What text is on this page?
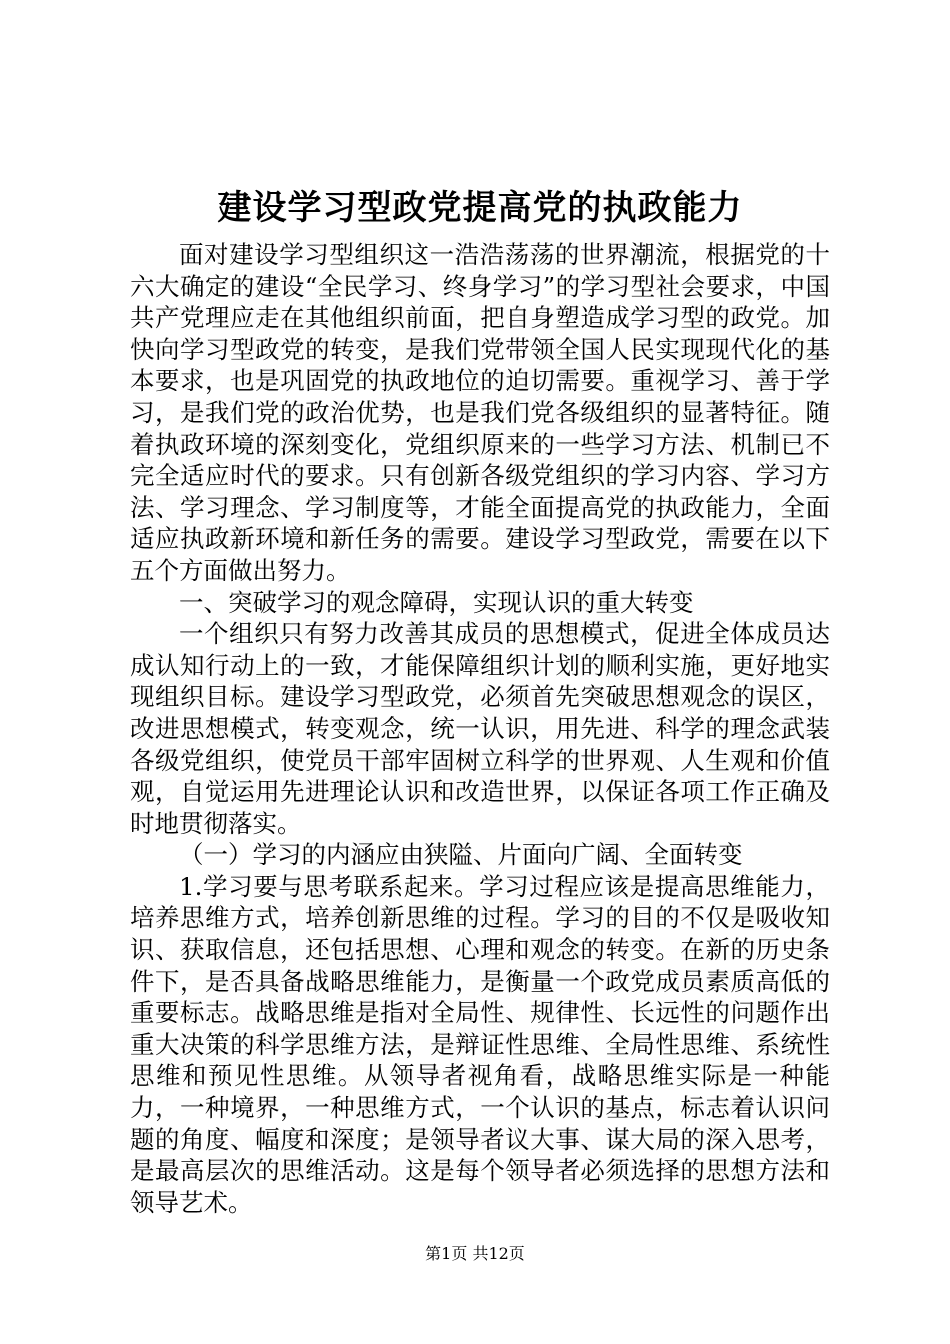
建设学习型政党提高党的执政能力

面对建设学习型组织这一浩浩荡荡的世界潮流，根据党的十六大确定的建设“全民学习、终身学习”的学习型社会要求，中国共产党理应走在其他组织前面，把自身塑造成学习型的政党。加快向学习型政党的转变，是我们党带领全国人民实现现代化的基本要求，也是巩固党的执政地位的迫切需要。重视学习、善于学习，是我们党的政治优势，也是我们党各级组织的显著特征。随着执政环境的深刻变化，党组织原来的一些学习方法、机制已不完全适应时代的要求。只有创新各级党组织的学习内容、学习方法、学习理念、学习制度等，才能全面提高党的执政能力，全面适应执政新环境和新任务的需要。建设学习型政党，需要在以下五个方面做出努力。

一、突破学习的观念障碍，实现认识的重大转变

一个组织只有努力改善其成员的思想模式，促进全体成员达成认知行动上的一致，才能保障组织计划的顺利实施，更好地实现组织目标。建设学习型政党，必须首先突破思想观念的误区，改进思想模式，转变观念，统一认识，用先进、科学的理念武装各级党组织，使党员干部牢固树立科学的世界观、人生观和价值观，自觉运用先进理论认识和改造世界，以保证各项工作正确及时地贯彻落实。

（一）学习的内涵应由狭隘、片面向广阔、全面转变

1.学习要与思考联系起来。学习过程应该是提高思维能力，培养思维方式，培养创新思维的过程。学习的目的不仅是吸收知识、获取信息，还包括思想、心理和观念的转变。在新的历史条件下，是否具备战略思维能力，是衡量一个政党成员素质高低的重要标志。战略思维是指对全局性、规律性、长远性的问题作出重大决策的科学思维方法，是辩证性思维、全局性思维、系统性思维和预见性思维。从领导者视角看，战略思维实际是一种能力，一种境界，一种思维方式，一个认识的基点，标志着认识问题的角度、幅度和深度；是领导者议大事、谋大局的深入思考，是最高层次的思维活动。这是每个领导者必须选择的思想方法和领导艺术。

第1页 共12页
